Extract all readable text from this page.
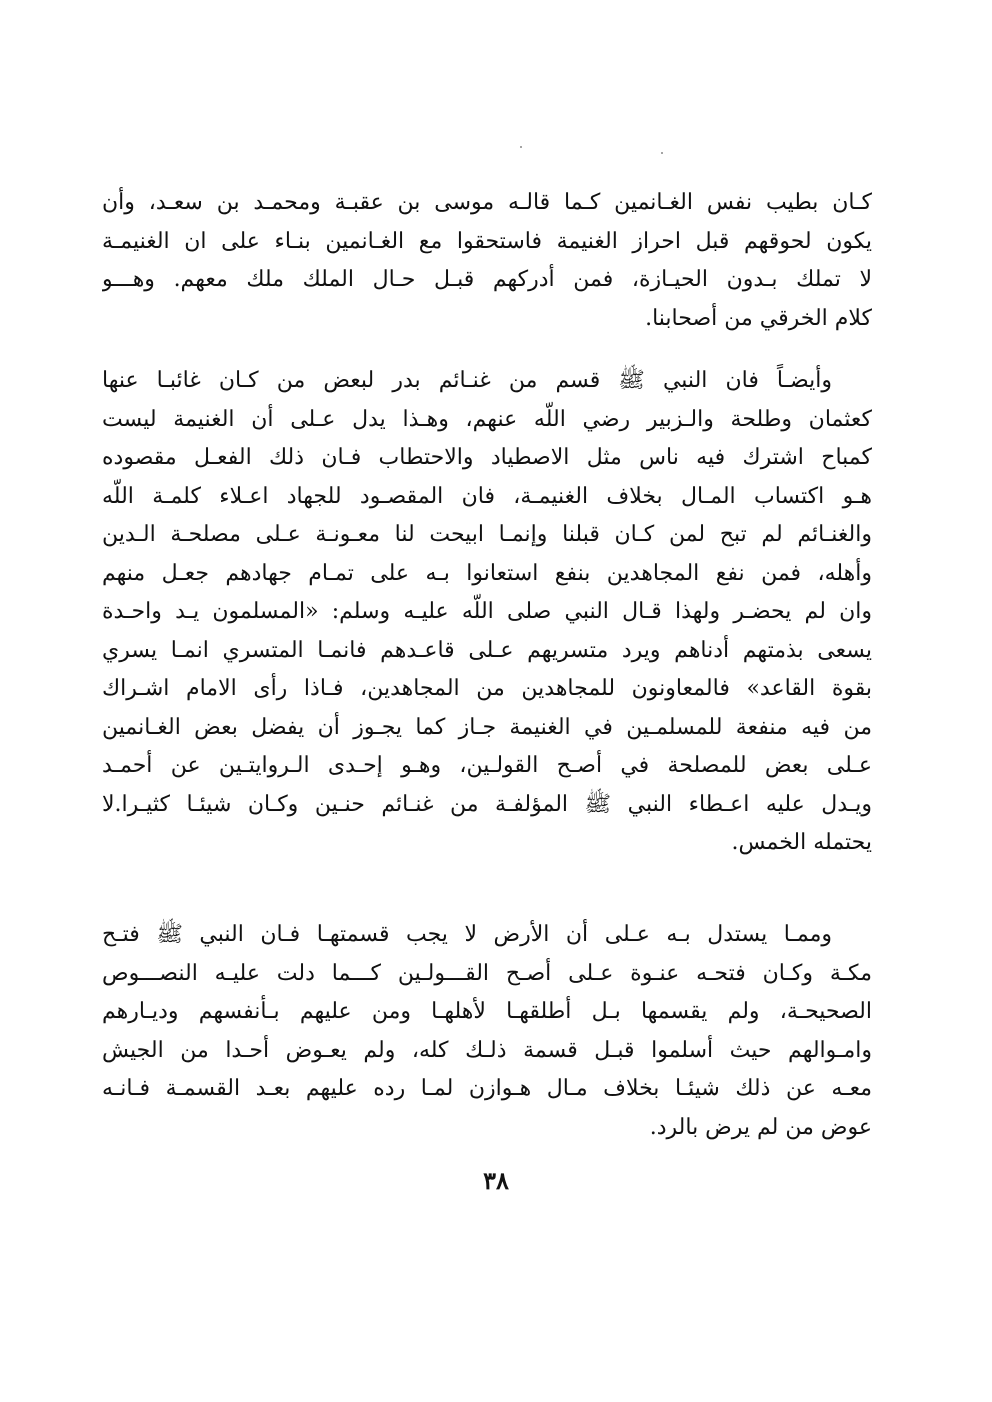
كـان بطيب نفس الغـانمين كـما قالـه موسى بن عقبـة ومحمـد بن سعـد، وأن
يكون لحوقهم قبل احراز الغنيمة فاستحقوا مع الغـانمين بنـاء على ان الغنيمـة
لا تملك بـدون الحيـازة، فمن أدركهم قبـل حـال الملك ملك معهم. وهـــو
كلام الخرقي من أصحابنا.
وأيضـاً فان النبي ﷺ قسم من غنـائم بدر لبعض من كـان غائبـا عنها
كعثمان وطلحة والـزبير رضي اللّه عنهم، وهـذا يدل عـلى أن الغنيمة ليست
كمباح اشترك فيه ناس مثل الاصطياد والاحتطاب فـان ذلك الفعـل مقصوده
هـو اكتساب المـال بخلاف الغنيمـة، فان المقصـود للجهاد اعـلاء كلمـة اللّه
والغنـائم لم تبح لمن كـان قبلنا وإنمـا ابيحت لنا معـونـة عـلى مصلحـة الـدين
وأهله، فمن نفع المجاهدين بنفع استعانوا بـه على تمـام جهادهم جعـل منهم
وان لم يحضـر ولهذا قـال النبي صلى اللّه عليـه وسلم: «المسلمون يـد واحـدة
يسعى بذمتهم أدناهم ويرد متسريهم عـلى قاعـدهم فانمـا المتسري انمـا يسري
بقوة القاعد» فالمعاونون للمجاهدين من المجاهدين، فـاذا رأى الامام اشـراك
من فيه منفعة للمسلمـين في الغنيمة جـاز كما يجـوز أن يفضل بعض الغـانمين
عـلى بعض للمصلحة في أصـح القولـين، وهـو إحـدى الـروايتـين عن أحمـد
ويـدل عليه اعـطاء النبي ﷺ المؤلفـة من غنـائم حنـين وكـان شيئـا كثيـرا.لا
يحتمله الخمس.
وممـا يستدل بـه عـلى أن الأرض لا يجب قسمتهـا فـان النبي ﷺ فتـح
مكـة وكـان فتحـه عنـوة عـلى أصـح القـــولـين كـــما دلت عليـه النصـــوص
الصحيحـة، ولم يقسمها بـل أطلقهـا لأهلهـا ومن عليهم بـأنفسهم وديـارهم
وامـوالهم حيث أسلموا قبـل قسمة ذلـك كله، ولم يعـوض أحـدا من الجيش
معـه عن ذلك شيئـا بخلاف مـال هـوازن لمـا رده عليهم بعـد القسمـة فـانـه
عوض من لم يرض بالرد.
٣٨
